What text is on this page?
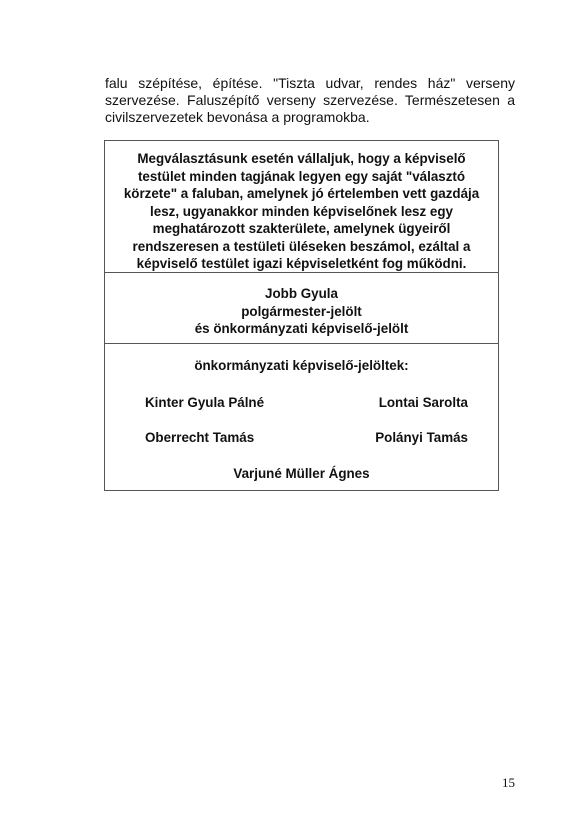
falu szépítése, építése. "Tiszta udvar, rendes ház" verseny
szervezése. Faluszépítő verseny szervezése. Természetesen a
civilszervezetek bevonása a programokba.

Megválasztásunk esetén vállaljuk, hogy a képviselő
testület minden tagjának legyen egy saját "választó
körzete" a faluban, amelynek jó értelemben vett gazdája
lesz, ugyanakkor minden képviselőnek lesz egy
meghatározott szakterülete, amelynek ügyeiről
rendszeresen a testületi üléseken beszámol, ezáltal a
képviselő testület igazi képviseletként fog működni.
Jobb Gyula
polgármester-jelölt
és önkormányzati képviselő-jelölt
önkormányzati képviselő-jelöltek:
Kinter Gyula Pálné	Lontai Sarolta
Oberrecht Tamás	Polányi Tamás
Varjuné Müller Ágnes
15
